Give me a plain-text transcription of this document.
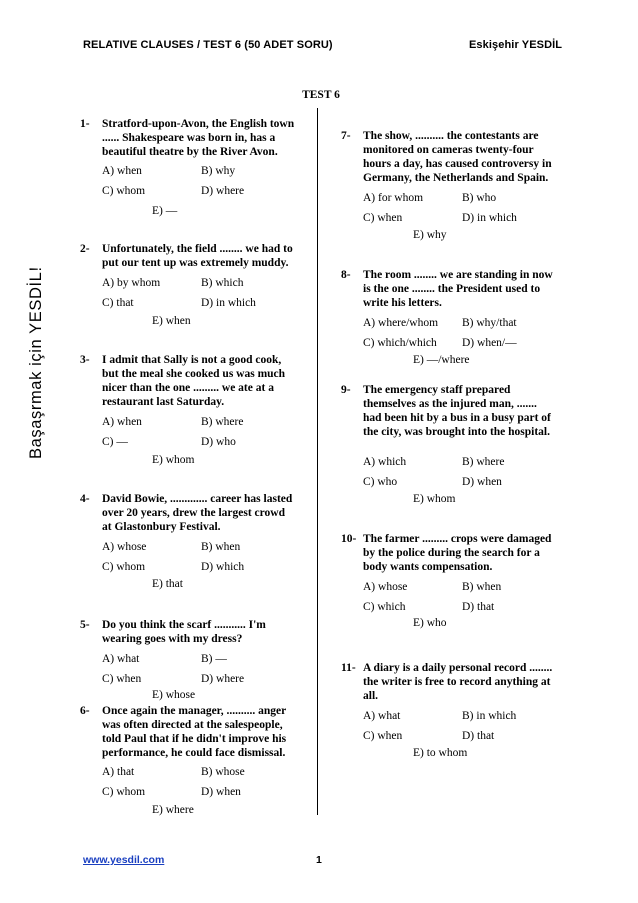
RELATIVE CLAUSES / TEST 6 (50 ADET SORU)	Eskişehir YESDİL
Başaşrmak için YESDİL!
TEST 6
1- Stratford-upon-Avon, the English town
...... Shakespeare was born in, has a
beautiful theatre by the River Avon.
A) when	B) why
C) whom	D) where
E) —
2- Unfortunately, the field ........ we had to
put our tent up was extremely muddy.
A) by whom	B) which
C) that	D) in which
E) when
3- I admit that Sally is not a good cook,
but the meal she cooked us was much
nicer than the one ......... we ate at a
restaurant last Saturday.
A) when	B) where
C) —	D) who
E) whom
4- David Bowie, ............. career has lasted
over 20 years, drew the largest crowd
at Glastonbury Festival.
A) whose	B) when
C) whom	D) which
E) that
5- Do you think the scarf ........... I'm
wearing goes with my dress?
A) what	B) —
C) when	D) where
E) whose
6- Once again the manager, .......... anger
was often directed at the salespeople,
told Paul that if he didn't improve his
performance, he could face dismissal.
A) that	B) whose
C) whom	D) when
E) where
7- The show, .......... the contestants are
monitored on cameras twenty-four
hours a day, has caused controversy in
Germany, the Netherlands and Spain.
A) for whom	B) who
C) when	D) in which
E) why
8- The room ........ we are standing in now
is the one ........ the President used to
write his letters.
A) where/whom B) why/that
C) which/which D) when/—
E) —/where
9- The emergency staff prepared
themselves as the injured man, .......
had been hit by a bus in a busy part of
the city, was brought into the hospital.
A) which	B) where
C) who	D) when
E) whom
10- The farmer ......... crops were damaged
by the police during the search for a
body wants compensation.
A) whose	B) when
C) which	D) that
E) who
11- A diary is a daily personal record ........
the writer is free to record anything at
all.
A) what	B) in which
C) when	D) that
E) to whom
www.yesdil.com	1
